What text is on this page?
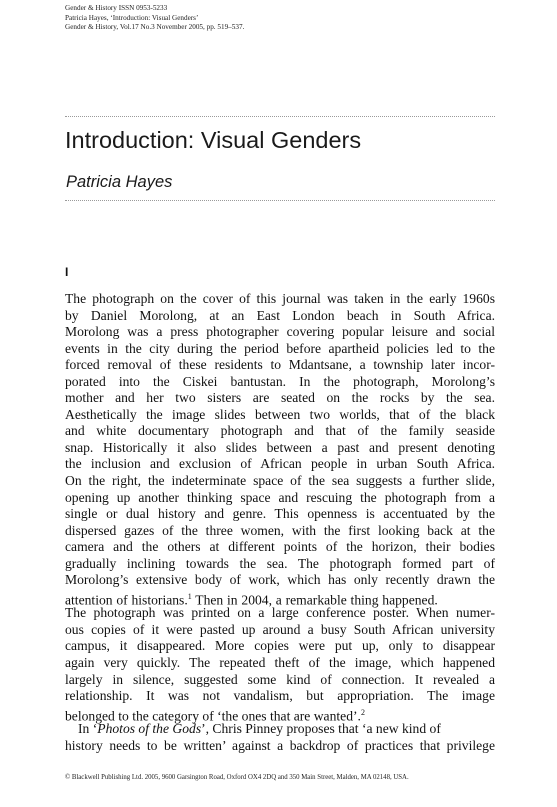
Gender & History ISSN 0953-5233
Patricia Hayes, ‘Introduction: Visual Genders’
Gender & History, Vol.17 No.3 November 2005, pp. 519–537.
Introduction: Visual Genders
Patricia Hayes
I
The photograph on the cover of this journal was taken in the early 1960s
by Daniel Morolong, at an East London beach in South Africa.
Morolong was a press photographer covering popular leisure and social
events in the city during the period before apartheid policies led to the
forced removal of these residents to Mdantsane, a township later incor-
porated into the Ciskei bantustan. In the photograph, Morolong’s
mother and her two sisters are seated on the rocks by the sea.
Aesthetically the image slides between two worlds, that of the black
and white documentary photograph and that of the family seaside
snap. Historically it also slides between a past and present denoting
the inclusion and exclusion of African people in urban South Africa.
On the right, the indeterminate space of the sea suggests a further slide,
opening up another thinking space and rescuing the photograph from a
single or dual history and genre. This openness is accentuated by the
dispersed gazes of the three women, with the first looking back at the
camera and the others at different points of the horizon, their bodies
gradually inclining towards the sea. The photograph formed part of
Morolong’s extensive body of work, which has only recently drawn the
attention of historians.$^1$ Then in 2004, a remarkable thing happened.
The photograph was printed on a large conference poster. When numer-
ous copies of it were pasted up around a busy South African university
campus, it disappeared. More copies were put up, only to disappear
again very quickly. The repeated theft of the image, which happened
largely in silence, suggested some kind of connection. It revealed a
relationship. It was not vandalism, but appropriation. The image
belonged to the category of ‘the ones that are wanted’.$^2$
In ‘Photos of the Gods’, Chris Pinney proposes that ‘a new kind of
history needs to be written’ against a backdrop of practices that privilege
© Blackwell Publishing Ltd. 2005, 9600 Garsington Road, Oxford OX4 2DQ and 350 Main Street, Malden, MA 02148, USA.
